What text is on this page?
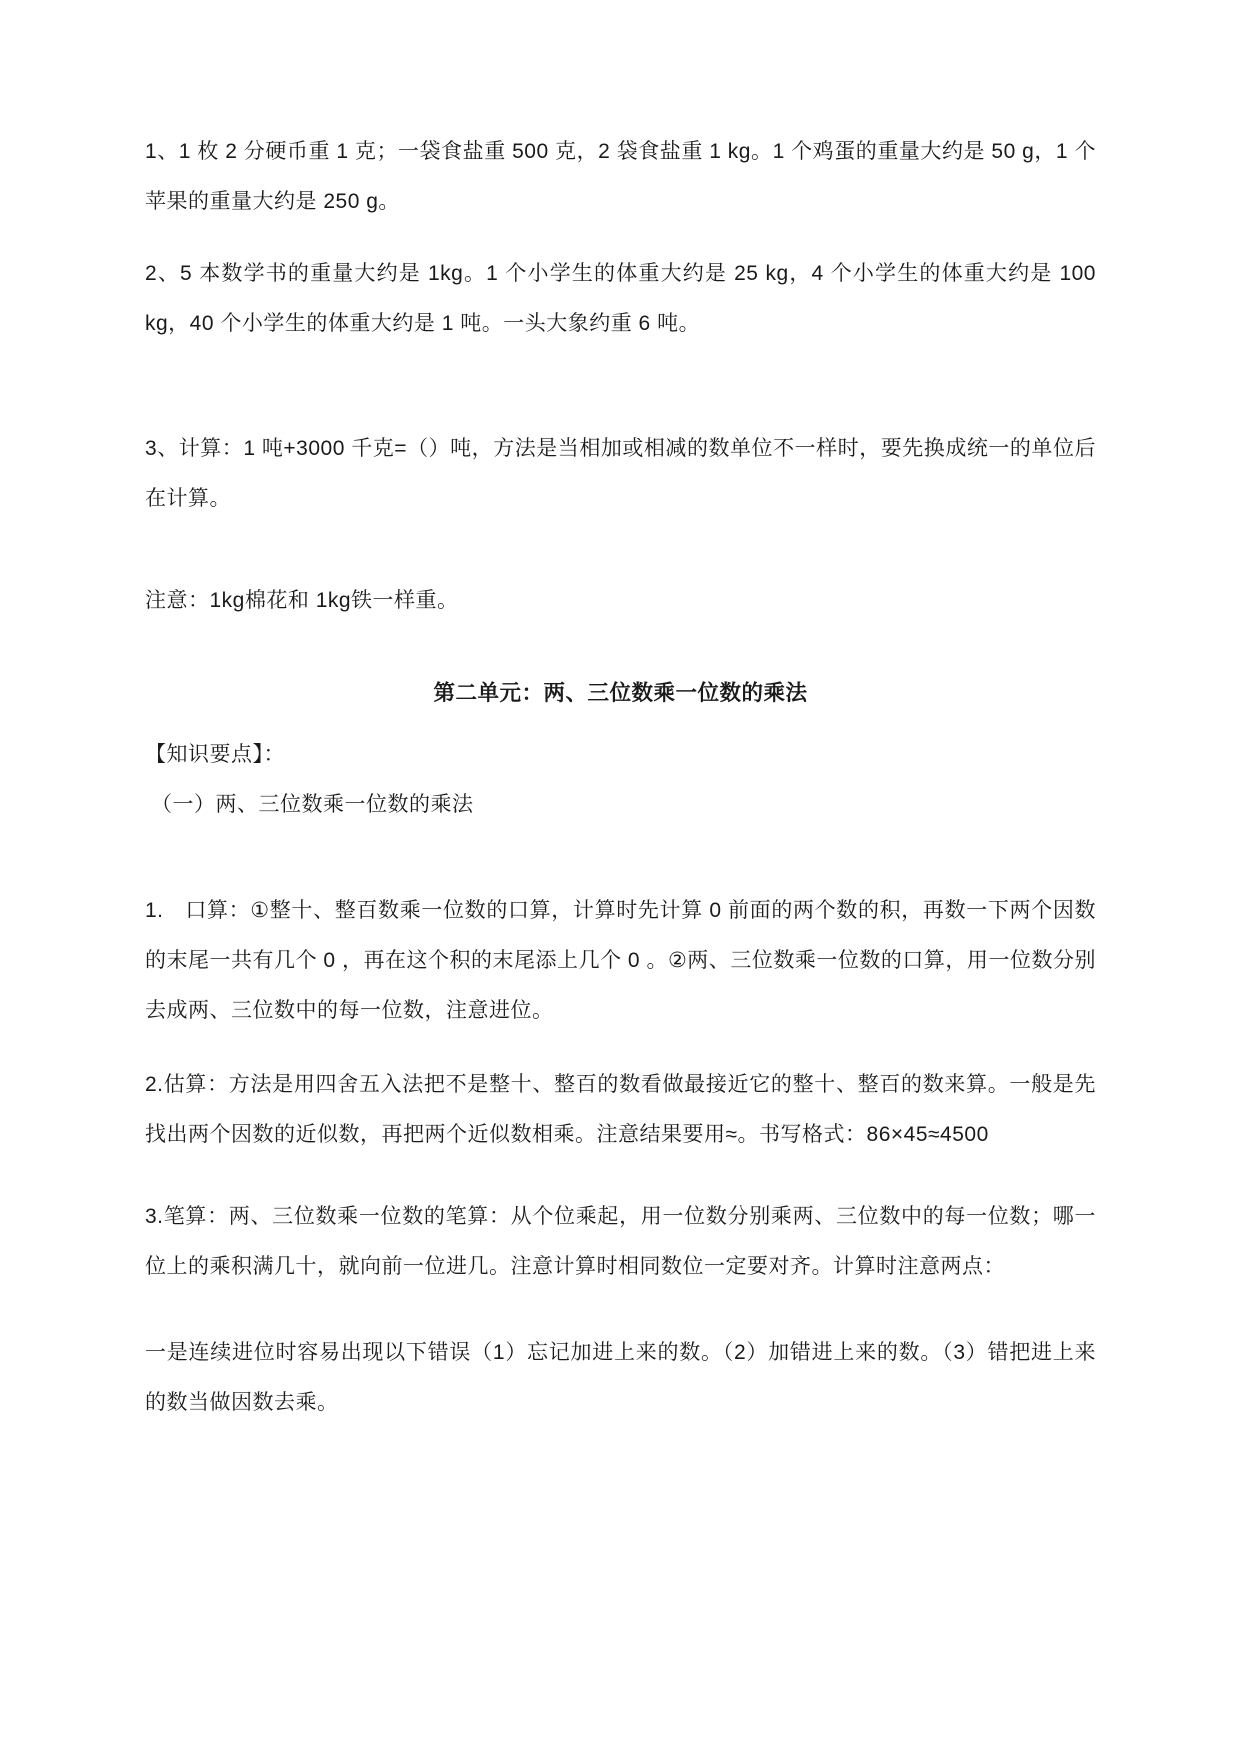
1、1 枚 2 分硬币重 1 克；一袋食盐重 500 克，2 袋食盐重 1 kg。1 个鸡蛋的重量大约是 50 g，1 个苹果的重量大约是 250 g。

2、5 本数学书的重量大约是 1kg。1 个小学生的体重大约是 25 kg，4 个小学生的体重大约是 100 kg，40 个小学生的体重大约是 1 吨。一头大象约重 6 吨。

3、计算：1 吨+3000 千克=（）吨，方法是当相加或相减的数单位不一样时，要先换成统一的单位后在计算。

注意：1kg棉花和 1kg铁一样重。

第二单元：两、三位数乘一位数的乘法

【知识要点】：

（一）两、三位数乘一位数的乘法

1.　口算：①整十、整百数乘一位数的口算，计算时先计算 0 前面的两个数的积，再数一下两个因数的末尾一共有几个 0 ，再在这个积的末尾添上几个 0 。②两、三位数乘一位数的口算，用一位数分别去成两、三位数中的每一位数，注意进位。

2.估算：方法是用四舍五入法把不是整十、整百的数看做最接近它的整十、整百的数来算。一般是先找出两个因数的近似数，再把两个近似数相乘。注意结果要用≈。书写格式：86×45≈4500

3.笔算：两、三位数乘一位数的笔算：从个位乘起，用一位数分别乘两、三位数中的每一位数；哪一位上的乘积满几十，就向前一位进几。注意计算时相同数位一定要对齐。计算时注意两点：

一是连续进位时容易出现以下错误（1）忘记加进上来的数。（2）加错进上来的数。（3）错把进上来的数当做因数去乘。
